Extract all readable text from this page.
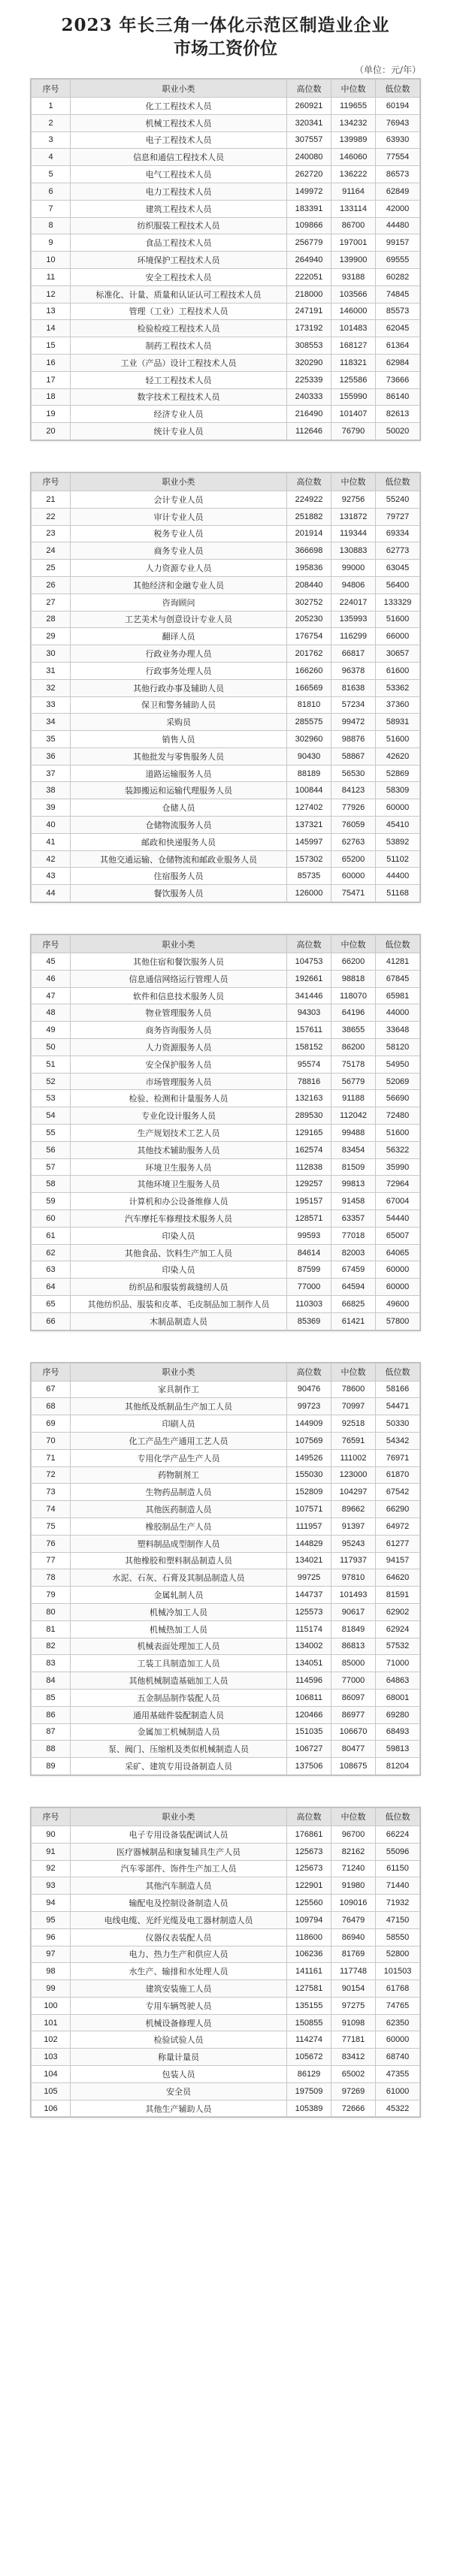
2023 年长三角一体化示范区制造业企业
市场工资价位
（单位：元/年）
序号	职业小类	高位数	中位数	低位数
1	化工工程技术人员	260921	119655	60194
2	机械工程技术人员	320341	134232	76943
3	电子工程技术人员	307557	139989	63930
4	信息和通信工程技术人员	240080	146060	77554
5	电气工程技术人员	262720	136222	86573
6	电力工程技术人员	149972	91164	62849
7	建筑工程技术人员	183391	133114	42000
8	纺织服装工程技术人员	109866	86700	44480
9	食品工程技术人员	256779	197001	99157
10	环境保护工程技术人员	264940	139900	69555
11	安全工程技术人员	222051	93188	60282
12	标准化、计量、质量和认证认可工程技术人员	218000	103566	74845
13	管理（工业）工程技术人员	247191	146000	85573
14	检验检疫工程技术人员	173192	101483	62045
15	制药工程技术人员	308553	168127	61364
16	工业（产品）设计工程技术人员	320290	118321	62984
17	轻工工程技术人员	225339	125586	73666
18	数字技术工程技术人员	240333	155990	86140
19	经济专业人员	216490	101407	82613
20	统计专业人员	112646	76790	50020
序号	职业小类	高位数	中位数	低位数
21	会计专业人员	224922	92756	55240
22	审计专业人员	251882	131872	79727
23	税务专业人员	201914	119344	69334
24	商务专业人员	366698	130883	62773
25	人力资源专业人员	195836	99000	63045
26	其他经济和金融专业人员	208440	94806	56400
27	咨询顾问	302752	224017	133329
28	工艺美术与创意设计专业人员	205230	135993	51600
29	翻译人员	176754	116299	66000
30	行政业务办理人员	201762	66817	30657
31	行政事务处理人员	166260	96378	61600
32	其他行政办事及辅助人员	166569	81638	53362
33	保卫和警务辅助人员	81810	57234	37360
34	采购员	285575	99472	58931
35	销售人员	302960	98876	51600
36	其他批发与零售服务人员	90430	58867	42620
37	道路运输服务人员	88189	56530	52869
38	装卸搬运和运输代理服务人员	100844	84123	58309
39	仓储人员	127402	77926	60000
40	仓储物流服务人员	137321	76059	45410
41	邮政和快递服务人员	145997	62763	53892
42	其他交通运输、仓储物流和邮政业服务人员	157302	65200	51102
43	住宿服务人员	85735	60000	44400
44	餐饮服务人员	126000	75471	51168
序号	职业小类	高位数	中位数	低位数
45	其他住宿和餐饮服务人员	104753	66200	41281
46	信息通信网络运行管理人员	192661	98818	67845
47	软件和信息技术服务人员	341446	118070	65981
48	物业管理服务人员	94303	64196	44000
49	商务咨询服务人员	157611	38655	33648
50	人力资源服务人员	158152	86200	58120
51	安全保护服务人员	95574	75178	54950
52	市场管理服务人员	78816	56779	52069
53	检验、检测和计量服务人员	132163	91188	56690
54	专业化设计服务人员	289530	112042	72480
55	生产规划技术工艺人员	129165	99488	51600
56	其他技术辅助服务人员	162574	83454	56322
57	环境卫生服务人员	112838	81509	35990
58	其他环境卫生服务人员	129257	99813	72964
59	计算机和办公设备维修人员	195157	91458	67004
60	汽车摩托车修理技术服务人员	128571	63357	54440
61	印染人员	99593	77018	65007
62	其他食品、饮料生产加工人员	84614	82003	64065
63	印染人员	87599	67459	60000
64	纺织品和服装剪裁缝纫人员	77000	64594	60000
65	其他纺织品、服装和皮革、毛皮制品加工制作人员	110303	66825	49600
66	木制品制造人员	85369	61421	57800
序号	职业小类	高位数	中位数	低位数
67	家具制作工	90476	78600	58166
68	其他纸及纸制品生产加工人员	99723	70997	54471
69	印刷人员	144909	92518	50330
70	化工产品生产通用工艺人员	107569	76591	54342
71	专用化学产品生产人员	149526	111002	76971
72	药物制剂工	155030	123000	61870
73	生物药品制造人员	152809	104297	67542
74	其他医药制造人员	107571	89662	66290
75	橡胶制品生产人员	111957	91397	64972
76	塑料制品成型制作人员	144829	95243	61277
77	其他橡胶和塑料制品制造人员	134021	117937	94157
78	水泥、石灰、石膏及其制品制造人员	99725	97810	64620
79	金属轧制人员	144737	101493	81591
80	机械冷加工人员	125573	90617	62902
81	机械热加工人员	115174	81849	62924
82	机械表面处理加工人员	134002	86813	57532
83	工装工具制造加工人员	134051	85000	71000
84	其他机械制造基础加工人员	114596	77000	64863
85	五金制品制作装配人员	106811	86097	68001
86	通用基础件装配制造人员	120466	86977	69280
87	金属加工机械制造人员	151035	106670	68493
88	泵、阀门、压缩机及类似机械制造人员	106727	80477	59813
89	采矿、建筑专用设备制造人员	137506	108675	81204
序号	职业小类	高位数	中位数	低位数
90	电子专用设备装配调试人员	176861	96700	66224
91	医疗器械制品和康复辅具生产人员	125673	82162	55096
92	汽车零部件、饰件生产加工人员	125673	71240	61150
93	其他汽车制造人员	122901	91980	71440
94	输配电及控制设备制造人员	125560	109016	71932
95	电线电缆、光纤光缆及电工器材制造人员	109794	76479	47150
96	仪器仪表装配人员	118600	86940	58550
97	电力、热力生产和供应人员	106236	81769	52800
98	水生产、输排和水处理人员	141161	117748	101503
99	建筑安装施工人员	127581	90154	61768
100	专用车辆驾驶人员	135155	97275	74765
101	机械设备修理人员	150855	91098	62350
102	检验试验人员	114274	77181	60000
103	称量计量员	105672	83412	68740
104	包装人员	86129	65002	47355
105	安全员	197509	97269	61000
106	其他生产辅助人员	105389	72666	45322
